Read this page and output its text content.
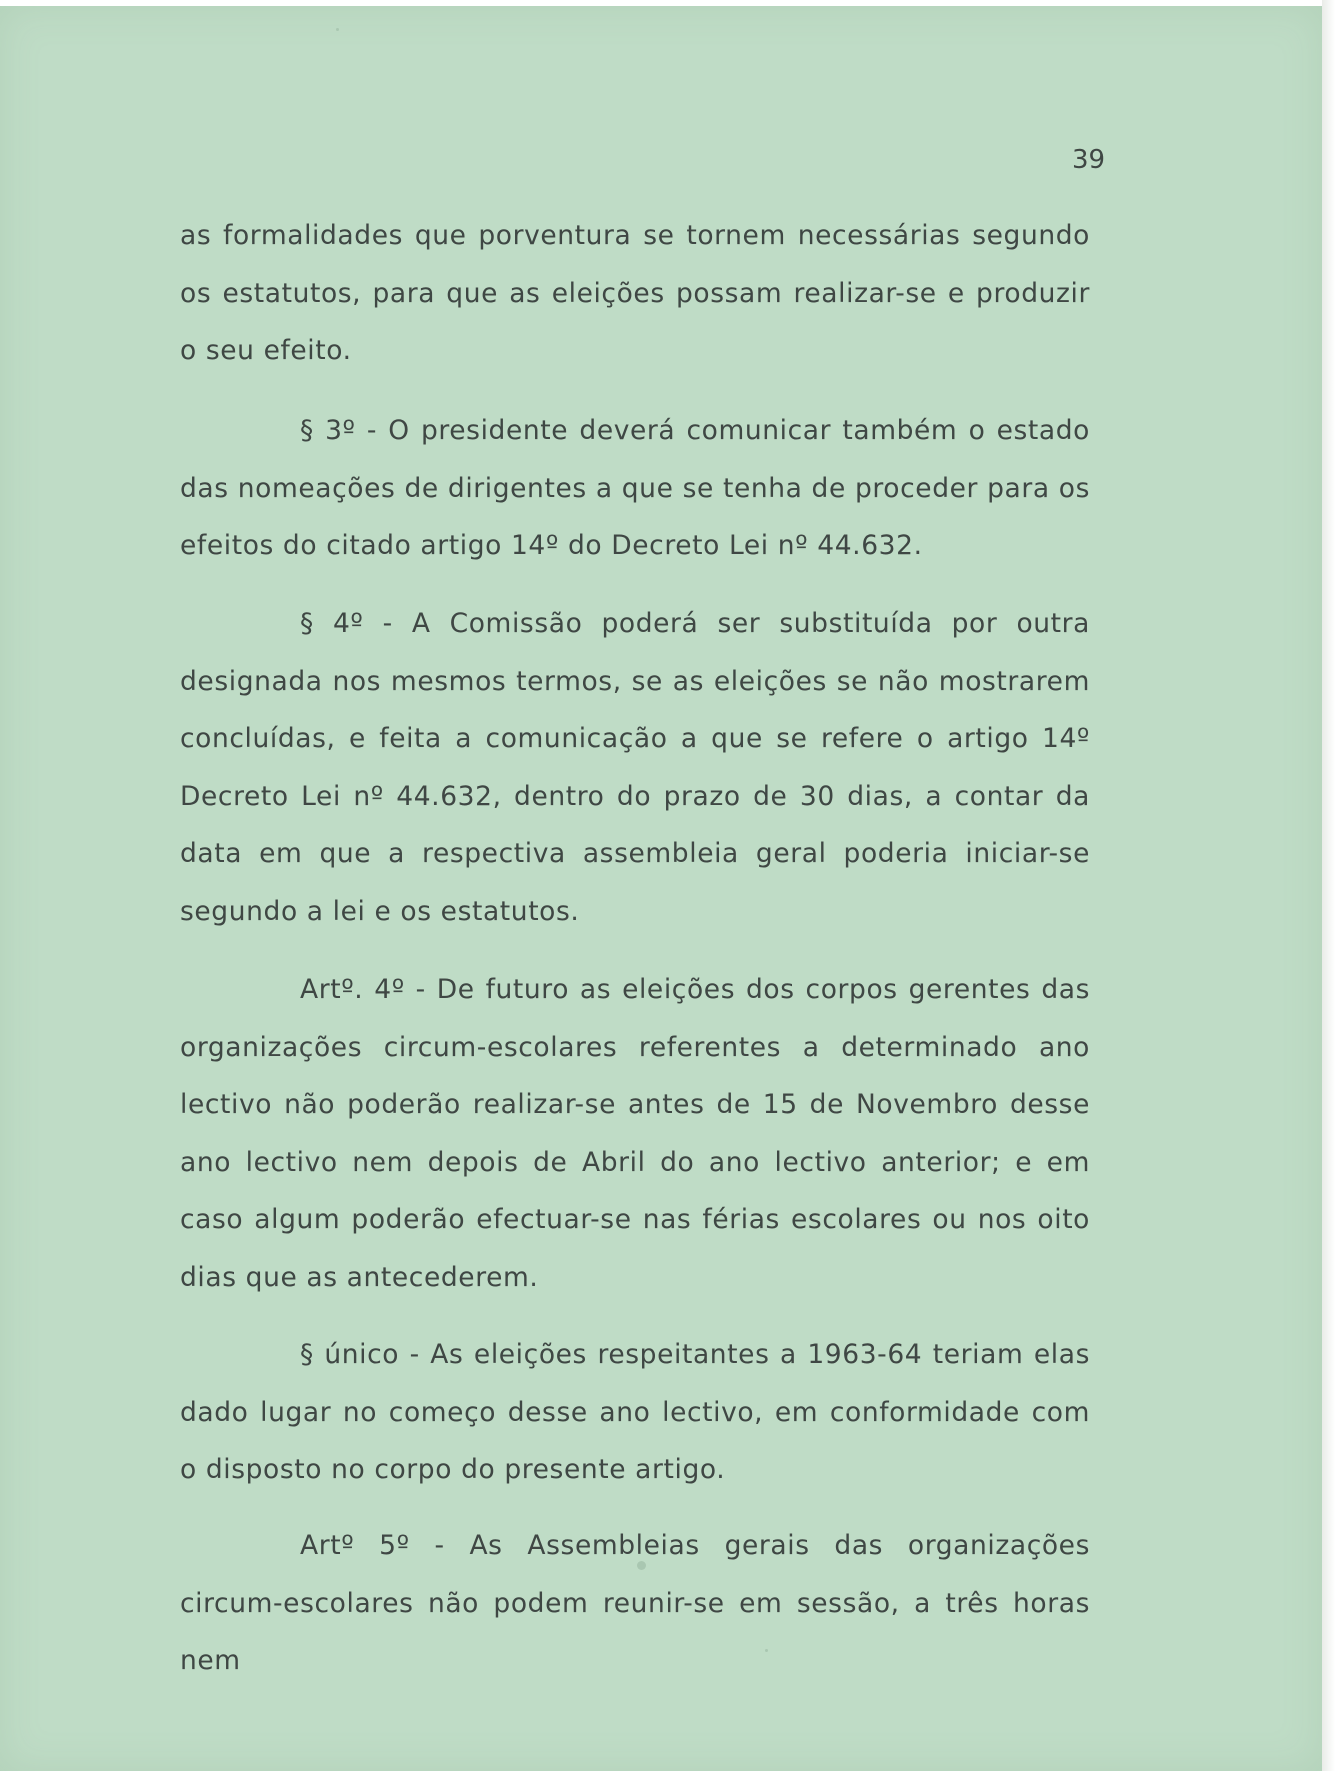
39

as formalidades que porventura se tornem necessárias segundo os estatutos, para que as eleições possam realizar-se e produzir o seu efeito.

§ 3º - O presidente deverá comunicar também o estado das nomeações de dirigentes a que se tenha de proceder para os efeitos do citado artigo 14º do Decreto Lei nº 44.632.

§ 4º - A Comissão poderá ser substituída por outra designada nos mesmos termos, se as eleições se não mostrarem concluídas, e feita a comunicação a que se refere o artigo 14º Decreto Lei nº 44.632, dentro do prazo de 30 dias, a contar da data em que a respectiva assembleia geral poderia iniciar-se segundo a lei e os estatutos.

Artº. 4º - De futuro as eleições dos corpos gerentes das organizações circum-escolares referentes a determinado ano lectivo não poderão realizar-se antes de 15 de Novembro desse ano lectivo nem depois de Abril do ano lectivo anterior; e em caso algum poderão efectuar-se nas férias escolares ou nos oito dias que as antecederem.

§ único - As eleições respeitantes a 1963-64 teriam elas dado lugar no começo desse ano lectivo, em conformidade com o disposto no corpo do presente artigo.

Artº 5º - As Assembleias gerais das organizações circum-escolares não podem reunir-se em sessão, a três horas nem
